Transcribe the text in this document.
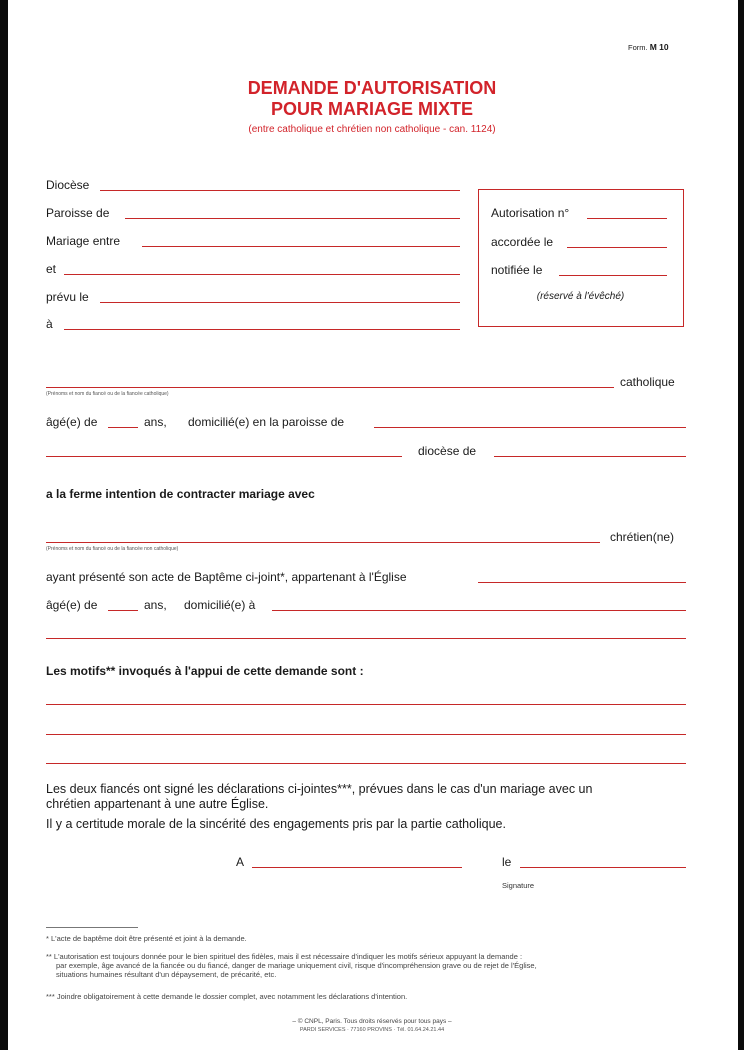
Form. M 10
DEMANDE D'AUTORISATION
POUR MARIAGE MIXTE
(entre catholique et chrétien non catholique - can. 1124)
Diocèse
Paroisse de
Mariage entre
et
prévu le
à
Autorisation n°
accordée le
notifiée le
(réservé à l'évêché)
catholique
(Prénoms et nom du fiancé ou de la fiancée catholique)
âgé(e) de	ans, domicilié(e) en la paroisse de
diocèse de
a la ferme intention de contracter mariage avec
chrétien(ne)
(Prénoms et nom du fiancé ou de la fiancée non catholique)
ayant présenté son acte de Baptême ci-joint*, appartenant à l'Église
âgé(e) de	ans, domicilié(e) à
Les motifs** invoqués à l'appui de cette demande sont :
Les deux fiancés ont signé les déclarations ci-jointes***, prévues dans le cas d'un mariage avec un
chrétien appartenant à une autre Église.
Il y a certitude morale de la sincérité des engagements pris par la partie catholique.
A	le
Signature
* L'acte de baptême doit être présenté et joint à la demande.
** L'autorisation est toujours donnée pour le bien spirituel des fidèles, mais il est nécessaire d'indiquer les motifs sérieux appuyant la demande :
par exemple, âge avancé de la fiancée ou du fiancé, danger de mariage uniquement civil, risque d'incompréhension grave ou de rejet de l'Église,
situations humaines résultant d'un dépaysement, de précarité, etc.
*** Joindre obligatoirement à cette demande le dossier complet, avec notamment les déclarations d'intention.
– © CNPL, Paris. Tous droits réservés pour tous pays –
PARDI SERVICES · 77160 PROVINS · Tél. 01.64.24.21.44
